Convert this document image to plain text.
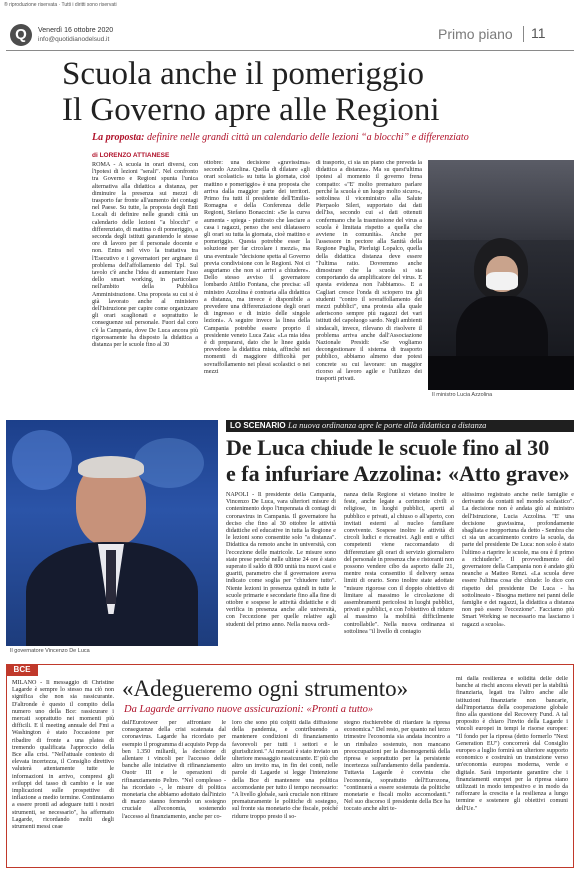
® riproduzione riservata · Tutti i diritti sono riservati
Q	Venerdì 16 ottobre 2020
info@quotidianodelsud.it	Primo piano 11
Scuola anche il pomeriggio
Il Governo apre alle Regioni
La proposta: definire nelle grandi città un calendario delle lezioni “a blocchi” e differenziato
di LORENZO ATTIANESE

ROMA - A scuola in orari diversi, con l'ipotesi di lezioni "serali". Nel confronto tra Governo e Regioni spunta l'unica alternativa alla didattica a distanza, per diminuire la presenza sui mezzi di trasporto far fronte all'aumento dei contagi nel Paese. Su tutte, la proposta degli Enti Locali di definire nelle grandi città un calendario delle lezioni "a blocchi" e differenziato, di mattina o di pomeriggio, a seconda degli istituti garantendo le stesse ore di lavoro per il personale docente e non. Entra nel vivo la trattativa tra l'Esecutivo e i governatori per arginare il problema dell'affollamento del Tpl. Sul tavolo c'è anche l'idea di aumentare l'uso dello smart working, in particolare nell'ambito della Pubblica Amministrazione. Una proposta su cui si è già lavorato anche al ministero dell'Istruzione per capire come organizzare gli orari scaglionati e soprattutto le conseguenze sul personale. Fuori dal coro c'è la Campania, dove De Luca ancora più rigorosamente ha disposto la didattica a distanza per le scuole fino al 30

ottobre: una decisione «gravissima» secondo Azzolina. Quella di dilatare «gli orari scolastici» su tutta la giornata, cioè mattino e pomeriggio» è una proposta che arriva dalla maggior parte dei territori. Primo fra tutti il presidente dell'Emilia-Romagna e della Conferenza delle Regioni, Stefano Bonaccini: «Se la curva aumenta - spiega - piuttosto che lasciare a casa i ragazzi, penso che sesi dilatassero gli orari su tutta la giornata, cioè mattino e pomeriggio. Questa potrebbe esser la soluzione per far circolare i mezzi», ma una eventuale "decisione spetta al Governo previa condivisione con le Regioni. Noi ci auguriamo che non si arrivi a chiudere». Dello stesso avviso il governatore lombardo Attilio Fontana, che precisa: «Il ministro Azzolina è contraria alla didattica a distanza, ma invece è disponibile a prevedere una differenziazione degli orari di ingresso e di inizio delle singole lezioni». A seguire invece la linea della Campania potrebbe essere proprio il presidente veneto Luca Zaia: «La mia idea è di prepararsi, dato che le linee guida prevedono la didattica mista, affinché nei momenti di maggiore difficoltà per sovraffollamento nei plessi scolastici o nei mezzi

di trasporto, ci sia un piano che preveda la didattica a distanza». Ma su quest'ultima ipotesi al momento il governo frena compatto: «"E' molto prematuro parlare perché la scuola è un luogo molto sicuro», sottolinea il viceministro alla Salute Pierpaolo Sileri, supportato dai dati dell'Iss, secondo cui «i dati ottenuti confermano che la trasmissione del virus a scuola è limitata rispetto a quella che avviene in comunità». Anche per l'assessore in pectore alla Sanità della Regione Puglia, Pierluigi Lopalco, quella della didattica distanza deve essere "l'ultima ratio. Dovremmo anche dimostrare che la scuola si sta comportando da amplificatore del virus. E questa evidenza non l'abbiamo». E a Cagliari cresce l'onda di sciopero tra gli studenti "contro il sovraffollamento dei mezzi pubblici", una protesta alla quale aderiscono sempre più ragazzi dei vari istituti del capoluogo sardo. Negli ambienti sindacali, invece, rilevano di risolvere il problema arriva anche dall'Associazione Nazionale Presidi: «Se vogliamo decongestionare il sistema di trasporto pubblico, abbiamo almeno due potesi concrete su cui lavorare: un maggior ricorso al lavoro agile e l'utilizzo dei trasporti privati.

Il ministro Lucia Azzolina
Il governatore Vincenzo De Luca
LO SCENARIO La nuova ordinanza apre le porte alla didattica a distanza
De Luca chiude le scuole fino al 30
e fa infuriare Azzolina: «Atto grave»

NAPOLI - Il presidente della Campania, Vincenzo De Luca, vara ulteriori misure di contenimento dopo l'impennata di contagi di coronavirus in Campania. Il governatore ha deciso che fino al 30 ottobre le attività didattiche ed educative in tutta la Regione e le lezioni sono consentite solo "a distanza". Didattica da remoto anche in università, con l'eccezione delle matricole. Le misure sono state prese perché nelle ultime 24 ore è stato superato il saldo di 800 unità tra nuovi casi e guariti, parametro che il governatore aveva indicato come soglia per "chiudere tutto". Niente lezioni in presenza quindi in tutte le scuole primarie e secondarie fino alla fine di ottobre e sospese le attività didattiche e di verifica in presenza anche alle università, con l'eccezione per quelle relative agli studenti del primo anno. Nella nuova ordi-

nanza della Regione si vietano inoltre le feste, anche legate a cerimonie civili o religiose, in luoghi pubblici, aperti al pubblico e privati, al chiuso o all'aperto, con invitati esterni al nucleo familiare convivente. Sospese inoltre le attività di circoli ludici e ricreativi. Agli enti e uffici competenti viene raccomandato di differenziare gli orari di servizio giornaliero del personale in presenza che e ristoranti non possono vendere cibo da asporto dalle 21, mentre resta consentito il delivery senza limiti di orario. Sono inoltre state adottate "misure rigorose con il doppio obiettivo di limitare al massimo le circolazione di assembramenti pericolosi in luoghi pubblici, privati e pubblici, e con l'obiettivo di ridurre al massimo la mobilità difficilmente controllabile". Nella nuova ordinanza si sottolinea "il livello di contagio

altissimo registrato anche nelle famiglie e derivante da contatti nel mondo scolastico". La decisione non è andata giù al ministro dell'Istruzione, Lucia Azzolina. "E' una decisione gravissima, profondamente sbagliata e inopportuna da detto - Sembra che ci sia un accanimento contro la scuola, da parte del presidente De Luca: non solo è stato l'ultimo a riaprire le scuole, ma ora è il primo a richiuderle". Il provvedimento del governatore della Campania non è andato giù neanche a Matteo Renzi. «La scuola deve essere l'ultima cosa che chiude: lo dico con rispetto del presidente De Luca - ha sottolineato - Bisogna mettere nei panni delle famiglie e dei ragazzi, la didattica a distanza non può essere l'eccezione". Facciamo più Smart Working se necessario ma lasciamo i ragazzi a scuola».

BCE

MILANO - Il messaggio di Christine Lagarde è sempre lo stesso ma ciò non significa che non sia rassicurante. D'altronde è questo il compito della numero uno della Bce: rassicurare i mercati soprattutto nei momenti più difficili. E il meeting annuale del Fmi a Washington è stato l'occasione per ribadire di fronte a una platea di tremendo qualificata l'approccio della Bce alla crisi. "Nell'attuale contesto di elevata incertezza, il Consiglio direttivo valuterà attentamente tutte le informazioni in arrivo, compresi gli sviluppi del tasso di cambio e le sue implicazioni sulle prospettive di inflazione a medio termine. Continuiamo a essere pronti ad adeguare tutti i nostri strumenti, se necessario", ha affermato Lagarde, ricordando molti degli strumenti messi ceae

«Adegueremo ogni strumento»
Da Lagarde arrivano nuove assicurazioni: «Pronti a tutto»

dall'Eurotower per affrontare le conseguenze della crisi scatenata dal coronavirus. Lagarde ha ricordato per esempio il programma di acquisto Pepp da ben 1.350 miliardi, la decisione di allentare i vincoli per l'accesso delle banche alle iniziative di rifinanziamento Ouotr III e le operazioni di rifinanziamento Peltro. "Nel complesso - ha ricordato -, le misure di politica monetaria che abbiamo adottato dall'inizio di marzo stanno fornendo un sostegno cruciale all'economia, sostenendo l'accesso al finanziamento, anche per co-

loro che sono più colpiti dalla diffusione della pandemia, e contribuendo a mantenere condizioni di finanziamento favorevoli per tutti i settori e le giurisdizioni." Ai mercati è stato inviato un ulteriore messaggio rassicurante. E' più che altro un invito ma, in fin dei conti, nelle parole di Lagarde si legge l'intenzione della Bce di mantenere una politica accomodante per tutto il tempo necessario: "A livello globale, sarà cruciale non ritirare prematuramente le politiche di sostegno, sul fronte sia monetario che fiscale, poiché ridurre troppo presto il so-

stegno rischierebbe di ritardare la ripresa economica." Del resto, per quanto nel terzo trimestre l'economia sia andata incontro a un rimbalzo sostenuto, non mancano preoccupazioni per la disomogeneità della ripresa e soprattutto per la persistente incertezza sull'andamento della pandemia. Tuttavia Lagarde è convinta che l'economia, soprattutto dell'Eurozona, "continuerà a essere sostenuta da politiche monetarie e fiscali molto accomodanti." Nel suo discorso il presidente della Bce ha toccato anche altri te-

mi dalla resilienza e solidità delle delle banche ai rischi ancora elevati per la stabilità finanziaria, legati tra l'altro anche alle istituzioni finanziarie non bancarie, dall'importanza della cooperazione globale fino alla questione del Recovery Fund. A tal proposito è chiaro l'invito della Lagarde i vincoli europei in tempi le risorse europee: "Il fondo per la ripresa (detto formerlo "Next Generation EU") concorrerà dal Consiglio europeo a luglio fornirà un ulteriore supporto economico e costruirà un transizione verso un'economia europea moderna, verde e digitale. Sarà importante garantire che i finanziamenti europei per la ripresa siano utilizzati in modo tempestivo e in modo da rafforzare la crescita e la resilienza a lungo termine e sostenere gli obiettivi comuni dell'Ue."
